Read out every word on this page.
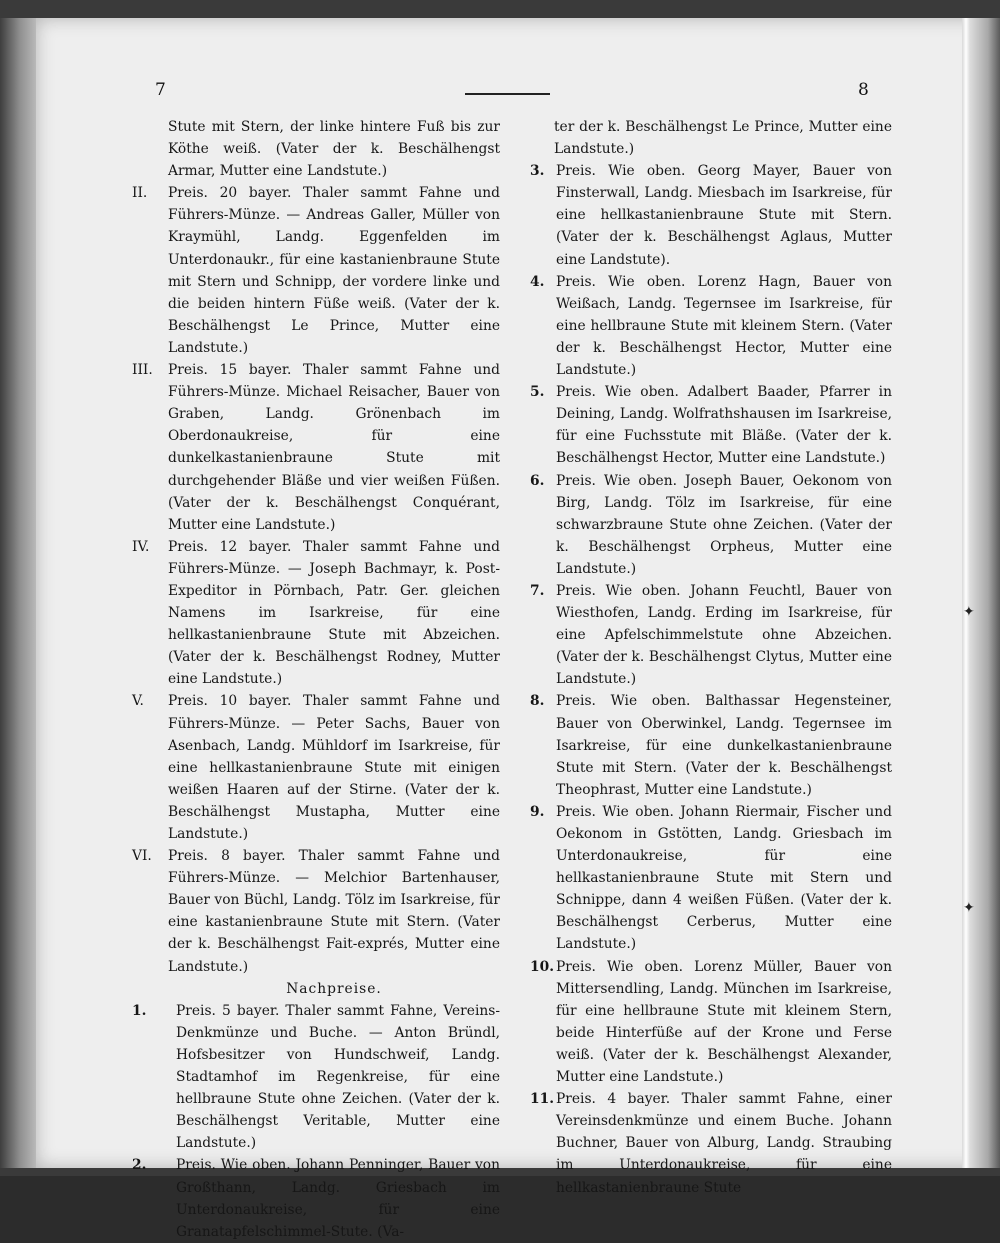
7	8
✦
✦
Stute mit Stern, der linke hintere Fuß bis zur Köthe weiß. (Vater der k. Beschälhengst Armar, Mutter eine Landstute.)
II. Preis. 20 bayer. Thaler sammt Fahne und Führers-Münze. — Andreas Galler, Müller von Kraymühl, Landg. Eggenfelden im Unterdonaukr., für eine kastanienbraune Stute mit Stern und Schnipp, der vordere linke und die beiden hintern Füße weiß. (Vater der k. Beschälhengst Le Prince, Mutter eine Landstute.)
III. Preis. 15 bayer. Thaler sammt Fahne und Führers-Münze. Michael Reisacher, Bauer von Graben, Landg. Grönenbach im Oberdonaukreise, für eine dunkelkastanienbraune Stute mit durchgehender Bläße und vier weißen Füßen. (Vater der k. Beschälhengst Conquérant, Mutter eine Landstute.)
IV. Preis. 12 bayer. Thaler sammt Fahne und Führers-Münze. — Joseph Bachmayr, k. Post-Expeditor in Pörnbach, Patr. Ger. gleichen Namens im Isarkreise, für eine hellkastanienbraune Stute mit Abzeichen. (Vater der k. Beschälhengst Rodney, Mutter eine Landstute.)
V. Preis. 10 bayer. Thaler sammt Fahne und Führers-Münze. — Peter Sachs, Bauer von Asenbach, Landg. Mühldorf im Isarkreise, für eine hellkastanienbraune Stute mit einigen weißen Haaren auf der Stirne. (Vater der k. Beschälhengst Mustapha, Mutter eine Landstute.)
VI. Preis. 8 bayer. Thaler sammt Fahne und Führers-Münze. — Melchior Bartenhauser, Bauer von Büchl, Landg. Tölz im Isarkreise, für eine kastanienbraune Stute mit Stern. (Vater der k. Beschälhengst Fait-exprés, Mutter eine Landstute.)
Nachpreise.
1. Preis. 5 bayer. Thaler sammt Fahne, Vereins-Denkmünze und Buche. — Anton Bründl, Hofsbesitzer von Hundschweif, Landg. Stadtamhof im Regenkreise, für eine hellbraune Stute ohne Zeichen. (Vater der k. Beschälhengst Veritable, Mutter eine Landstute.)
2. Preis. Wie oben. Johann Penninger, Bauer von Großthann, Landg. Griesbach im Unterdonaukreise, für eine Granatapfelschimmel-Stute. (Va-
ter der k. Beschälhengst Le Prince, Mutter eine Landstute.)
3. Preis. Wie oben. Georg Mayer, Bauer von Finsterwall, Landg. Miesbach im Isarkreise, für eine hellkastanienbraune Stute mit Stern. (Vater der k. Beschälhengst Aglaus, Mutter eine Landstute).
4. Preis. Wie oben. Lorenz Hagn, Bauer von Weißach, Landg. Tegernsee im Isarkreise, für eine hellbraune Stute mit kleinem Stern. (Vater der k. Beschälhengst Hector, Mutter eine Landstute.)
5. Preis. Wie oben. Adalbert Baader, Pfarrer in Deining, Landg. Wolfrathshausen im Isarkreise, für eine Fuchsstute mit Bläße. (Vater der k. Beschälhengst Hector, Mutter eine Landstute.)
6. Preis. Wie oben. Joseph Bauer, Oekonom von Birg, Landg. Tölz im Isarkreise, für eine schwarzbraune Stute ohne Zeichen. (Vater der k. Beschälhengst Orpheus, Mutter eine Landstute.)
7. Preis. Wie oben. Johann Feuchtl, Bauer von Wiesthofen, Landg. Erding im Isarkreise, für eine Apfelschimmelstute ohne Abzeichen. (Vater der k. Beschälhengst Clytus, Mutter eine Landstute.)
8. Preis. Wie oben. Balthassar Hegensteiner, Bauer von Oberwinkel, Landg. Tegernsee im Isarkreise, für eine dunkelkastanienbraune Stute mit Stern. (Vater der k. Beschälhengst Theophrast, Mutter eine Landstute.)
9. Preis. Wie oben. Johann Riermair, Fischer und Oekonom in Gstötten, Landg. Griesbach im Unterdonaukreise, für eine hellkastanienbraune Stute mit Stern und Schnippe, dann 4 weißen Füßen. (Vater der k. Beschälhengst Cerberus, Mutter eine Landstute.)
10. Preis. Wie oben. Lorenz Müller, Bauer von Mittersendling, Landg. München im Isarkreise, für eine hellbraune Stute mit kleinem Stern, beide Hinterfüße auf der Krone und Ferse weiß. (Vater der k. Beschälhengst Alexander, Mutter eine Landstute.)
11. Preis. 4 bayer. Thaler sammt Fahne, einer Vereinsdenkmünze und einem Buche. Johann Buchner, Bauer von Alburg, Landg. Straubing im Unterdonaukreise, für eine hellkastanienbraune Stute
